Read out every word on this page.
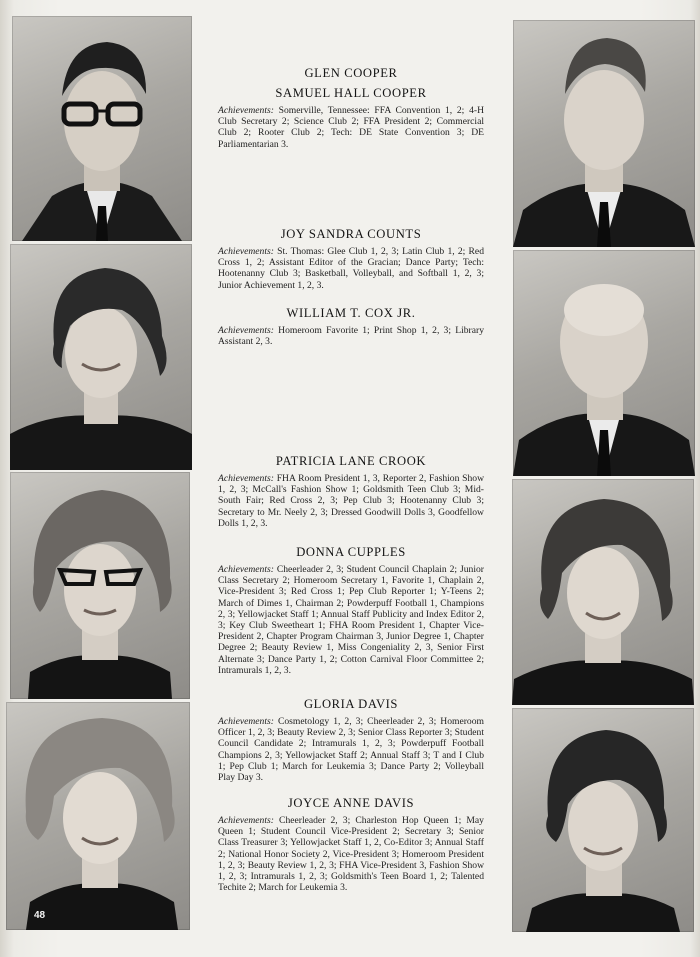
GLEN COOPER
SAMUEL HALL COOPER
Achievements: Somerville, Tennessee: FFA Convention 1, 2; 4-H Club Secretary 2; Science Club 2; FFA President 2; Commercial Club 2; Rooter Club 2; Tech: DE State Convention 3; DE Parliamentarian 3.
JOY SANDRA COUNTS
Achievements: St. Thomas: Glee Club 1, 2, 3; Latin Club 1, 2; Red Cross 1, 2; Assistant Editor of the Gracian; Dance Party; Tech: Hootenanny Club 3; Basketball, Volleyball, and Softball 1, 2, 3; Junior Achievement 1, 2, 3.
WILLIAM T. COX JR.
Achievements: Homeroom Favorite 1; Print Shop 1, 2, 3; Library Assistant 2, 3.
PATRICIA LANE CROOK
Achievements: FHA Room President 1, 3, Reporter 2, Fashion Show 1, 2, 3; McCall's Fashion Show 1; Goldsmith Teen Club 3; Mid-South Fair; Red Cross 2, 3; Pep Club 3; Hootenanny Club 3; Secretary to Mr. Neely 2, 3; Dressed Goodwill Dolls 3, Goodfellow Dolls 1, 2, 3.
DONNA CUPPLES
Achievements: Cheerleader 2, 3; Student Council Chaplain 2; Junior Class Secretary 2; Homeroom Secretary 1, Favorite 1, Chaplain 2, Vice-President 3; Red Cross 1; Pep Club Reporter 1; Y-Teens 2; March of Dimes 1, Chairman 2; Powderpuff Football 1, Champions 2, 3; Yellowjacket Staff 1; Annual Staff Publicity and Index Editor 2, 3; Key Club Sweetheart 1; FHA Room President 1, Chapter Vice-President 2, Chapter Program Chairman 3, Junior Degree 1, Chapter Degree 2; Beauty Review 1, Miss Congeniality 2, 3, Senior First Alternate 3; Dance Party 1, 2; Cotton Carnival Floor Committee 2; Intramurals 1, 2, 3.
GLORIA DAVIS
Achievements: Cosmetology 1, 2, 3; Cheerleader 2, 3; Homeroom Officer 1, 2, 3; Beauty Review 2, 3; Senior Class Reporter 3; Student Council Candidate 2; Intramurals 1, 2, 3; Powderpuff Football Champions 2, 3; Yellowjacket Staff 2; Annual Staff 3; T and I Club 1; Pep Club 1; March for Leukemia 3; Dance Party 2; Volleyball Play Day 3.
JOYCE ANNE DAVIS
Achievements: Cheerleader 2, 3; Charleston Hop Queen 1; May Queen 1; Student Council Vice-President 2; Secretary 3; Senior Class Treasurer 3; Yellowjacket Staff 1, 2, Co-Editor 3; Annual Staff 2; National Honor Society 2, Vice-President 3; Homeroom President 1, 2, 3; Beauty Review 1, 2, 3; FHA Vice-President 3, Fashion Show 1, 2, 3; Intramurals 1, 2, 3; Goldsmith's Teen Board 1, 2; Talented Techite 2; March for Leukemia 3.
48
